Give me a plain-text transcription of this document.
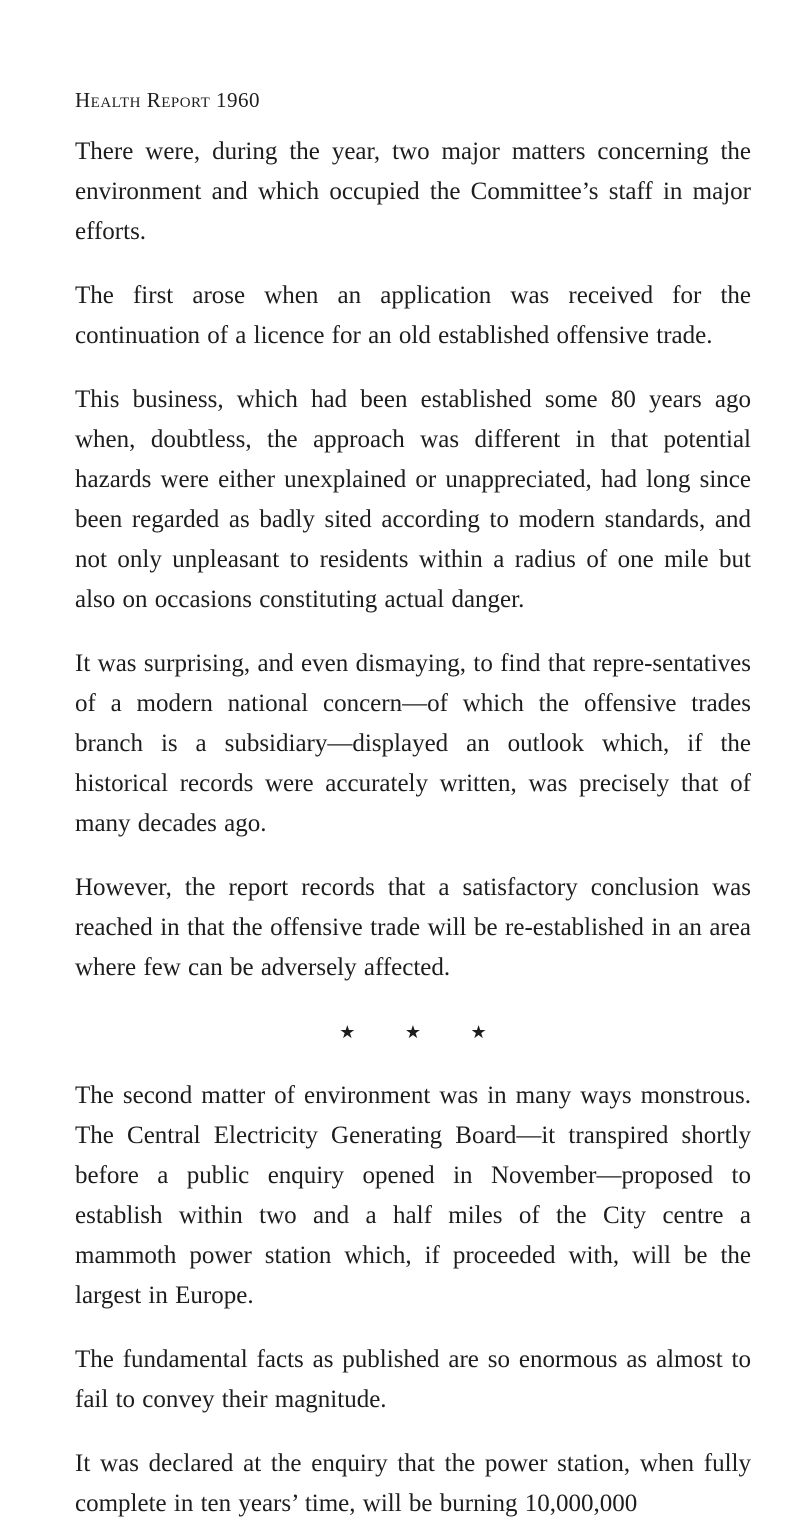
Health Report 1960

There were, during the year, two major matters concerning the environment and which occupied the Committee’s staff in major efforts.

The first arose when an application was received for the continuation of a licence for an old established offensive trade.

This business, which had been established some 80 years ago when, doubtless, the approach was different in that potential hazards were either unexplained or unappreciated, had long since been regarded as badly sited according to modern standards, and not only unpleasant to residents within a radius of one mile but also on occasions constituting actual danger.

It was surprising, and even dismaying, to find that repre-sentatives of a modern national concern—of which the offensive trades branch is a subsidiary—displayed an outlook which, if the historical records were accurately written, was precisely that of many decades ago.

However, the report records that a satisfactory conclusion was reached in that the offensive trade will be re-established in an area where few can be adversely affected.

★ ★ ★

The second matter of environment was in many ways monstrous. The Central Electricity Generating Board—it transpired shortly before a public enquiry opened in November—proposed to establish within two and a half miles of the City centre a mammoth power station which, if proceeded with, will be the largest in Europe.

The fundamental facts as published are so enormous as almost to fail to convey their magnitude.

It was declared at the enquiry that the power station, when fully complete in ten years’ time, will be burning 10,000,000
